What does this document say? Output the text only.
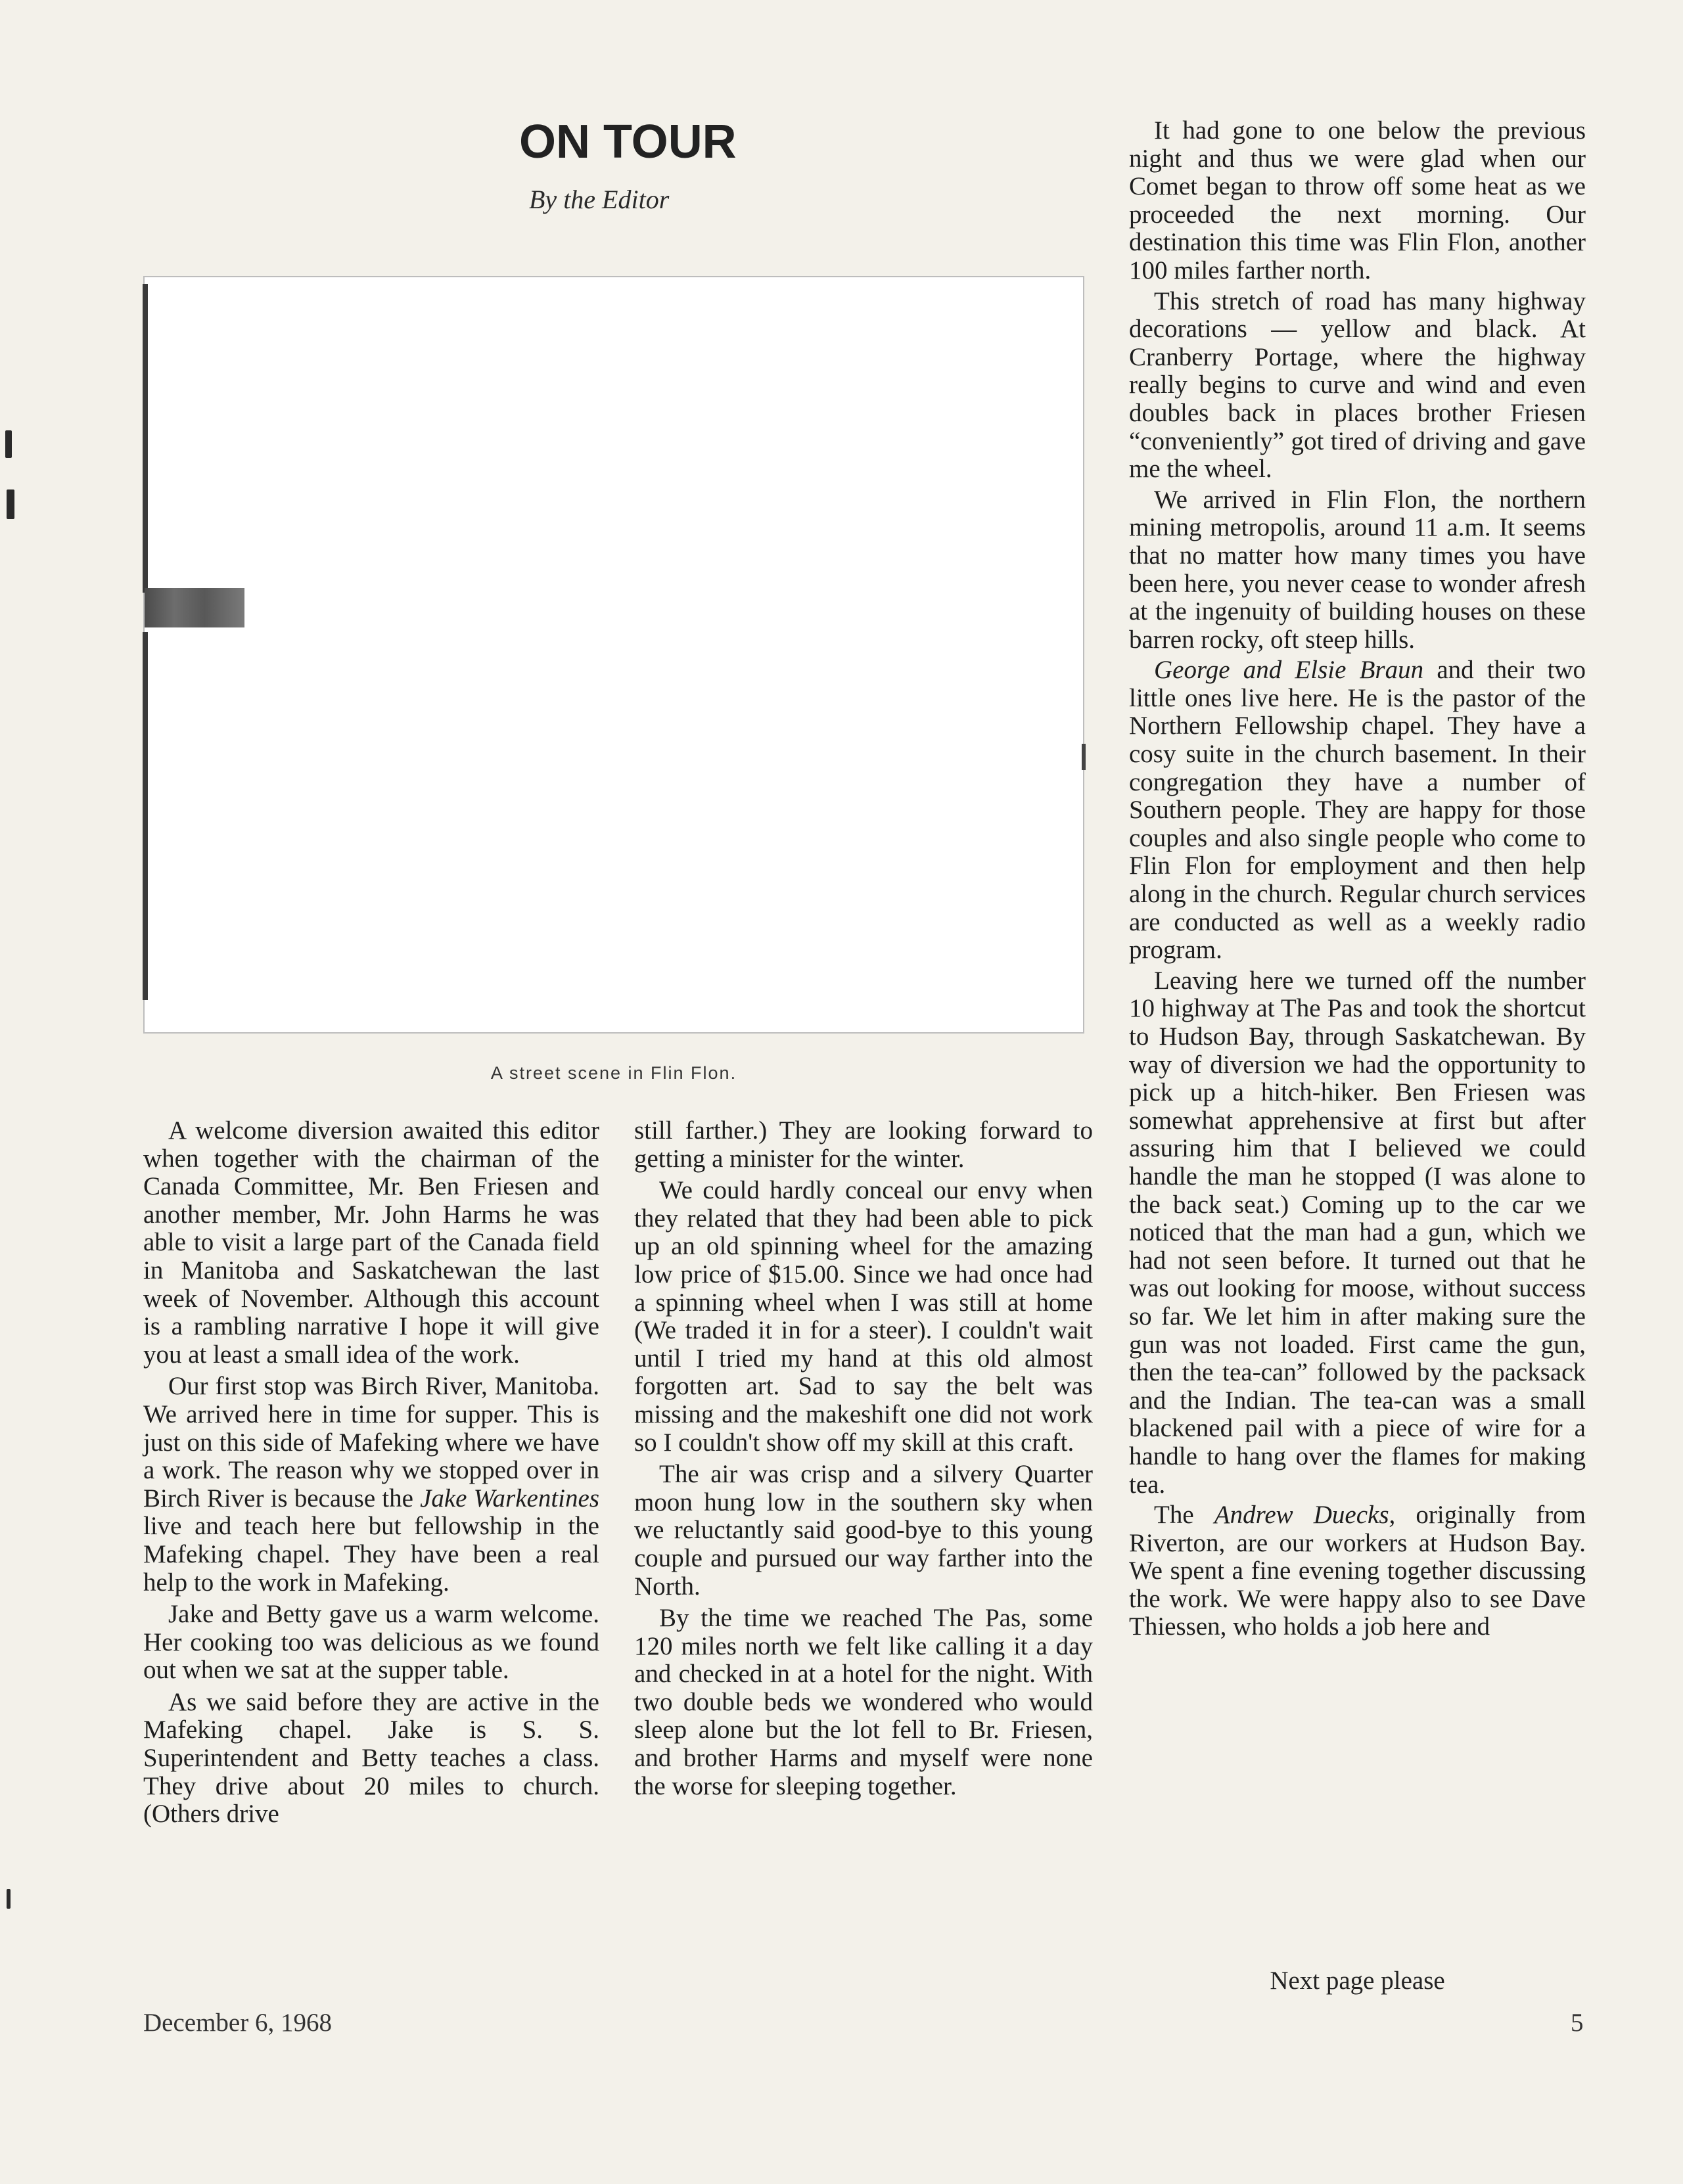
ON TOUR
By the Editor
A street scene in Flin Flon.

A welcome diversion awaited this editor when together with the chairman of the Canada Committee, Mr. Ben Friesen and another member, Mr. John Harms he was able to visit a large part of the Canada field in Manitoba and Saskatchewan the last week of November. Although this account is a rambling narrative I hope it will give you at least a small idea of the work.

Our first stop was Birch River, Manitoba. We arrived here in time for supper. This is just on this side of Mafeking where we have a work. The reason why we stopped over in Birch River is because the Jake Warkentines live and teach here but fellowship in the Mafeking chapel. They have been a real help to the work in Mafeking.

Jake and Betty gave us a warm welcome. Her cooking too was delicious as we found out when we sat at the supper table.

As we said before they are active in the Mafeking chapel. Jake is S. S. Superintendent and Betty teaches a class. They drive about 20 miles to church. (Others drive

still farther.) They are looking forward to getting a minister for the winter.

We could hardly conceal our envy when they related that they had been able to pick up an old spinning wheel for the amazing low price of $15.00. Since we had once had a spinning wheel when I was still at home (We traded it in for a steer). I couldn't wait until I tried my hand at this old almost forgotten art. Sad to say the belt was missing and the makeshift one did not work so I couldn't show off my skill at this craft.

The air was crisp and a silvery Quarter moon hung low in the southern sky when we reluctantly said good-bye to this young couple and pursued our way farther into the North.

By the time we reached The Pas, some 120 miles north we felt like calling it a day and checked in at a hotel for the night. With two double beds we wondered who would sleep alone but the lot fell to Br. Friesen, and brother Harms and myself were none the worse for sleeping together.

It had gone to one below the previous night and thus we were glad when our Comet began to throw off some heat as we proceeded the next morning. Our destination this time was Flin Flon, another 100 miles farther north.

This stretch of road has many highway decorations — yellow and black. At Cranberry Portage, where the highway really begins to curve and wind and even doubles back in places brother Friesen “conveniently” got tired of driving and gave me the wheel.

We arrived in Flin Flon, the northern mining metropolis, around 11 a.m. It seems that no matter how many times you have been here, you never cease to wonder afresh at the ingenuity of building houses on these barren rocky, oft steep hills.

George and Elsie Braun and their two little ones live here. He is the pastor of the Northern Fellowship chapel. They have a cosy suite in the church basement. In their congregation they have a number of Southern people. They are happy for those couples and also single people who come to Flin Flon for employment and then help along in the church. Regular church services are conducted as well as a weekly radio program.

Leaving here we turned off the number 10 highway at The Pas and took the shortcut to Hudson Bay, through Saskatchewan. By way of diversion we had the opportunity to pick up a hitch-hiker. Ben Friesen was somewhat apprehensive at first but after assuring him that I believed we could handle the man he stopped (I was alone to the back seat.) Coming up to the car we noticed that the man had a gun, which we had not seen before. It turned out that he was out looking for moose, without success so far. We let him in after making sure the gun was not loaded. First came the gun, then the tea-can” followed by the packsack and the Indian. The tea-can was a small blackened pail with a piece of wire for a handle to hang over the flames for making tea.

The Andrew Duecks, originally from Riverton, are our workers at Hudson Bay. We spent a fine evening together discussing the work. We were happy also to see Dave Thiessen, who holds a job here and

Next page please
December 6, 1968	5
